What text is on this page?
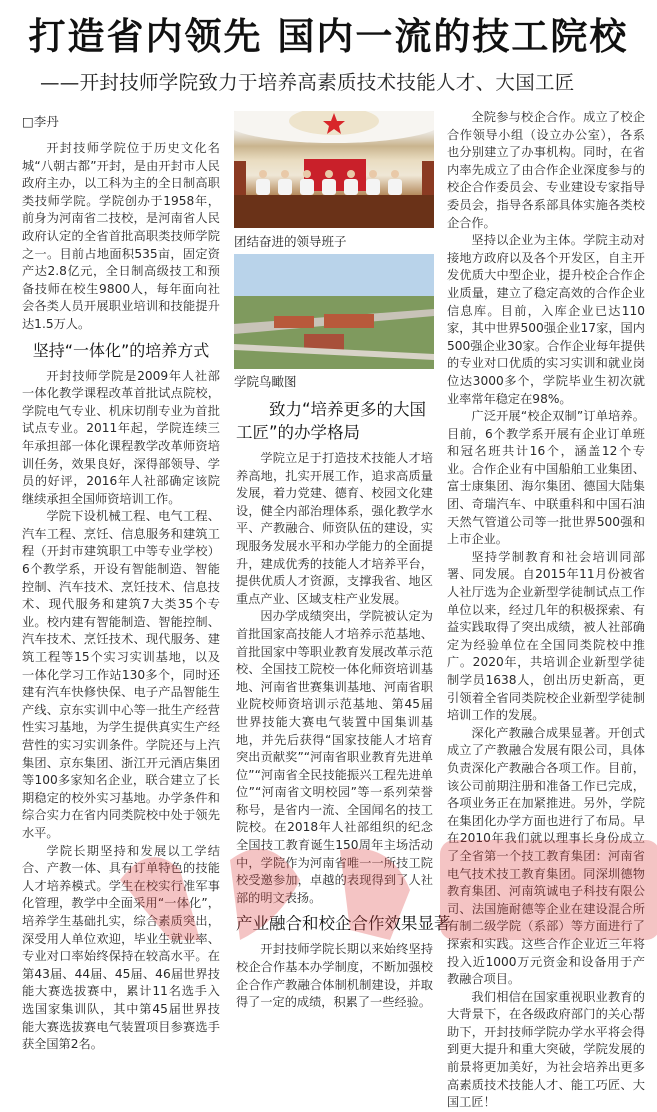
打造省内领先 国内一流的技工院校
——开封技师学院致力于培养高素质技术技能人才、大国工匠
□李丹

开封技师学院位于历史文化名城“八朝古都”开封，是由开封市人民政府主办，以工科为主的全日制高职类技师学院。学院创办于1958年，前身为河南省二技校，是河南省人民政府认定的全省首批高职类技师学院之一。目前占地面积535亩，固定资产达2.8亿元，全日制高级技工和预备技师在校生9800人，每年面向社会各类人员开展职业培训和技能提升达1.5万人。

坚持“一体化”的培养方式

开封技师学院是2009年人社部一体化教学课程改革首批试点院校，学院电气专业、机床切削专业为首批试点专业。2011年起，学院连续三年承担部一体化课程教学改革师资培训任务，效果良好，深得部领导、学员的好评，2016年人社部确定该院继续承担全国师资培训工作。

学院下设机械工程、电气工程、汽车工程、烹饪、信息服务和建筑工程（开封市建筑职工中等专业学校）6个教学系，开设有智能制造、智能控制、汽车技术、烹饪技术、信息技术、现代服务和建筑7大类35个专业。校内建有智能制造、智能控制、汽车技术、烹饪技术、现代服务、建筑工程等15个实习实训基地，以及一体化学习工作站130多个，同时还建有汽车快修快保、电子产品智能生产线、京东实训中心等一批生产经营性实习基地，为学生提供真实生产经营性的实习实训条件。学院还与上汽集团、京东集团、浙江开元酒店集团等100多家知名企业，联合建立了长期稳定的校外实习基地。办学条件和综合实力在省内同类院校中处于领先水平。

学院长期坚持和发展以工学结合、产教一体、具有订单特色的技能人才培养模式。学生在校实行准军事化管理，教学中全面采用“一体化”，培养学生基础扎实，综合素质突出，深受用人单位欢迎，毕业生就业率、专业对口率始终保持在较高水平。在第43届、44届、45届、46届世界技能大赛选拔赛中，累计11名选手入选国家集训队，其中第45届世界技能大赛选拔赛电气装置项目参赛选手获全国第2名。

团结奋进的领导班子
学院鸟瞰图

致力“培养更多的大国工匠”的办学格局

学院立足于打造技术技能人才培养高地，扎实开展工作，追求高质量发展，着力党建、德育、校园文化建设，健全内部治理体系，强化教学水平、产教融合、师资队伍的建设，实现服务发展水平和办学能力的全面提升，建成优秀的技能人才培养平台，提供优质人才资源，支撑我省、地区重点产业、区域支柱产业发展。

因办学成绩突出，学院被认定为首批国家高技能人才培养示范基地、首批国家中等职业教育发展改革示范校、全国技工院校一体化师资培训基地、河南省世赛集训基地、河南省职业院校师资培训示范基地、第45届世界技能大赛电气装置中国集训基地，并先后获得“国家技能人才培育突出贡献奖”“河南省职业教育先进单位”“河南省全民技能振兴工程先进单位”“河南省文明校园”等一系列荣誉称号，是省内一流、全国闻名的技工院校。在2018年人社部组织的纪念全国技工教育诞生150周年主场活动中，学院作为河南省唯一一所技工院校受邀参加，卓越的表现得到了人社部的明文表扬。

产业融合和校企合作效果显著

开封技师学院长期以来始终坚持校企合作基本办学制度，不断加强校企合作产教融合体制机制建设，并取得了一定的成绩，积累了一些经验。

全院参与校企合作。成立了校企合作领导小组（设立办公室），各系也分别建立了办事机构。同时，在省内率先成立了由合作企业深度参与的校企合作委员会、专业建设专家指导委员会，指导各系部具体实施各类校企合作。

坚持以企业为主体。学院主动对接地方政府以及各个开发区，自主开发优质大中型企业，提升校企合作企业质量，建立了稳定高效的合作企业信息库。目前，入库企业已达110家，其中世界500强企业17家，国内500强企业30家。合作企业每年提供的专业对口优质的实习实训和就业岗位达3000多个，学院毕业生初次就业率常年稳定在98%。

广泛开展“校企双制”订单培养。目前，6个教学系开展有企业订单班和冠名班共计16个，涵盖12个专业。合作企业有中国船舶工业集团、富士康集团、海尔集团、德国大陆集团、奇瑞汽车、中联重科和中国石油天然气管道公司等一批世界500强和上市企业。

坚持学制教育和社会培训同部署、同发展。自2015年11月份被省人社厅选为企业新型学徒制试点工作单位以来，经过几年的积极探索、有益实践取得了突出成绩，被人社部确定为经验单位在全国同类院校中推广。2020年，共培训企业新型学徒制学员1638人，创出历史新高，更引领着全省同类院校企业新型学徒制培训工作的发展。

深化产教融合成果显著。开创式成立了产教融合发展有限公司，具体负责深化产教融合各项工作。目前，该公司前期注册和准备工作已完成，各项业务正在加紧推进。另外，学院在集团化办学方面也进行了布局。早在2010年我们就以理事长身份成立了全省第一个技工教育集团：河南省电气技术技工教育集团。同深圳德物教育集团、河南筑诚电子科技有限公司、法国施耐德等企业在建设混合所有制二级学院（系部）等方面进行了探索和实践。这些合作企业近三年将投入近1000万元资金和设备用于产教融合项目。

我们相信在国家重视职业教育的大背景下，在各级政府部门的关心帮助下，开封技师学院办学水平将会得到更大提升和重大突破，学院发展的前景将更加美好，为社会培养出更多高素质技术技能人才、能工巧匠、大国工匠！
